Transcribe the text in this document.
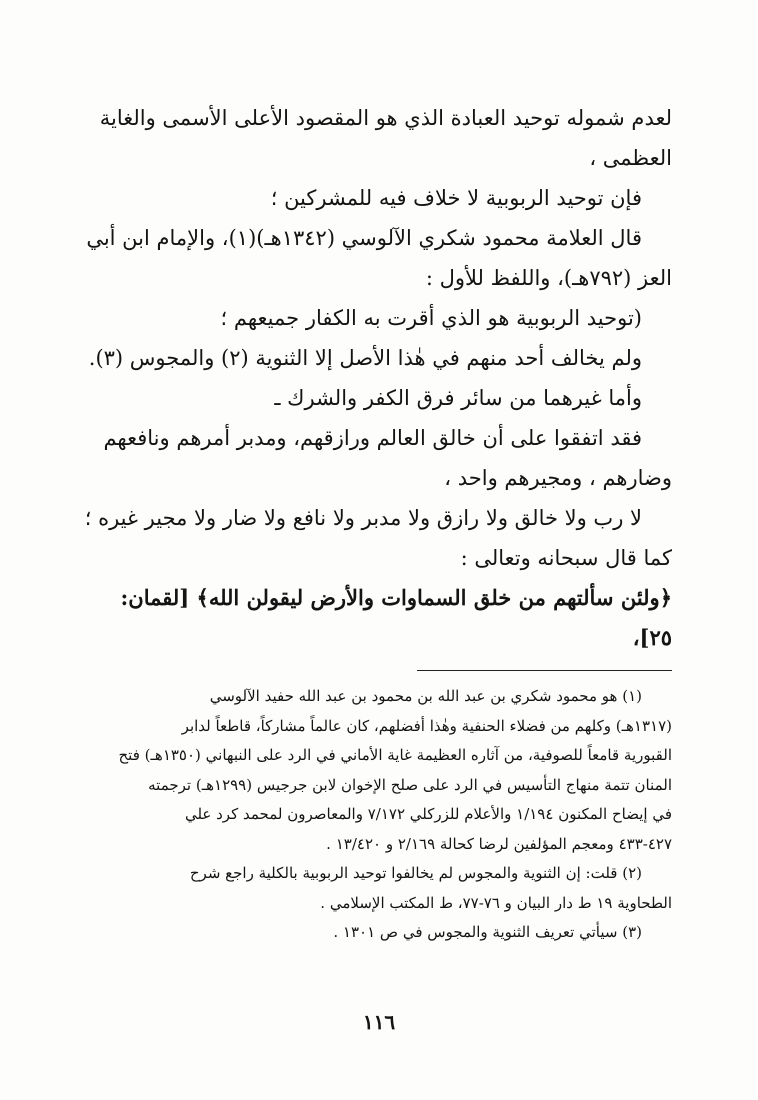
لعدم شموله توحيد العبادة الذي هو المقصود الأعلى الأسمى والغاية

العظمى ،

فإن توحيد الربوبية لا خلاف فيه للمشركين ؛

قال العلامة محمود شكري الآلوسي (١٣٤٢هـ)(١)، والإمام ابن أبي

العز (٧٩٢هـ)، واللفظ للأول :

(توحيد الربوبية هو الذي أقرت به الكفار جميعهم ؛

ولم يخالف أحد منهم في هٰذا الأصل إلا الثنوية (٢) والمجوس (٣).

وأما غيرهما من سائر فرق الكفر والشرك ـ

فقد اتفقوا على أن خالق العالم ورازقهم، ومدبر أمرهم ونافعهم

وضارهم ، ومجيرهم واحد ،

لا رب ولا خالق ولا رازق ولا مدبر ولا نافع ولا ضار ولا مجير غيره ؛

كما قال سبحانه وتعالى :

﴿ولئن سألتهم من خلق السماوات والأرض ليقولن الله﴾ [لقمان:

٢٥]،

(١) هو محمود شكري بن عبد الله بن محمود بن عبد الله حفيد الآلوسي

(١٣١٧هـ) وكلهم من فضلاء الحنفية وهٰذا أفضلهم، كان عالماً مشاركاً، قاطعاً لدابر

القبورية قامعاً للصوفية، من آثاره العظيمة غاية الأماني في الرد على النبهاني (١٣٥٠هـ) فتح

المنان تتمة منهاج التأسيس في الرد على صلح الإخوان لابن جرجيس (١٢٩٩هـ) ترجمته

في إيضاح المكنون ١/١٩٤ والأعلام للزركلي ٧/١٧٢ والمعاصرون لمحمد كرد علي

٤٢٧-٤٣٣ ومعجم المؤلفين لرضا كحالة ٢/١٦٩ و ١٣/٤٢٠ .

(٢) قلت: إن الثنوية والمجوس لم يخالفوا توحيد الربوبية بالكلية راجع شرح

الطحاوية ١٩ ط دار البيان و ٧٦-٧٧، ط المكتب الإسلامي .

(٣) سيأتي تعريف الثنوية والمجوس في ص ١٣٠١ .

١١٦
